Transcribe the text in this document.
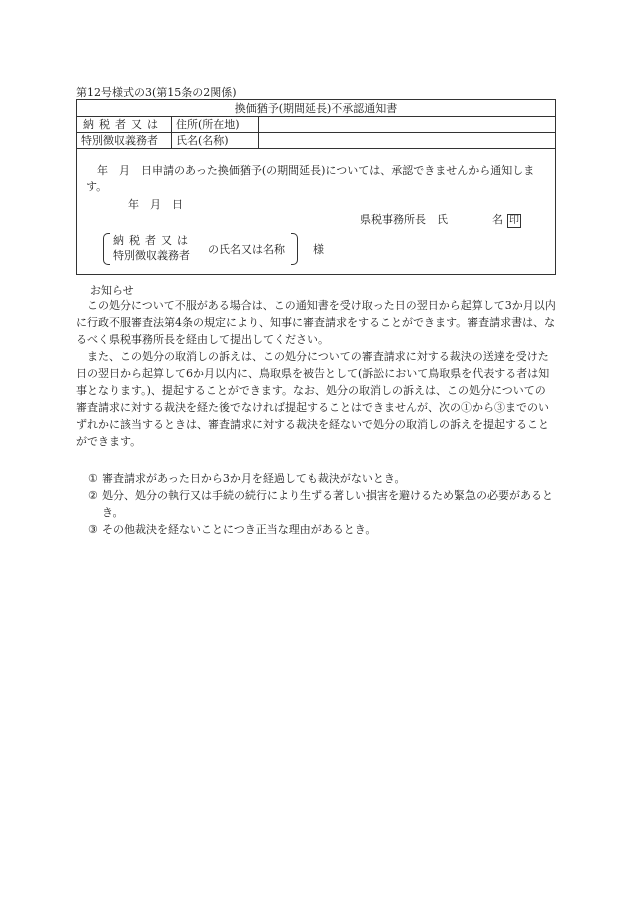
第12号様式の3(第15条の2関係)
換価猶予(期間延長)不承認通知書
納税者又は	住所(所在地)
特別徴収義務者	氏名(名称)
　年　月　日申請のあった換価猶予(の期間延長)については、承認できませんから通知します。
年　月　日
県税事務所長　氏　　　　名 印
納税者又は
特別徴収義務者 の氏名又は名称	様
お知らせ

この処分について不服がある場合は、この通知書を受け取った日の翌日から起算して3か月以内に行政不服審査法第4条の規定により、知事に審査請求をすることができます。審査請求書は、なるべく県税事務所長を経由して提出してください。

また、この処分の取消しの訴えは、この処分についての審査請求に対する裁決の送達を受けた日の翌日から起算して6か月以内に、鳥取県を被告として(訴訟において鳥取県を代表する者は知事となります。)、提起することができます。なお、処分の取消しの訴えは、この処分についての審査請求に対する裁決を経た後でなければ提起することはできませんが、次の①から③までのいずれかに該当するときは、審査請求に対する裁決を経ないで処分の取消しの訴えを提起することができます。

① 審査請求があった日から3か月を経過しても裁決がないとき。
② 処分、処分の執行又は手続の続行により生ずる著しい損害を避けるため緊急の必要があるとき。
③ その他裁決を経ないことにつき正当な理由があるとき。
